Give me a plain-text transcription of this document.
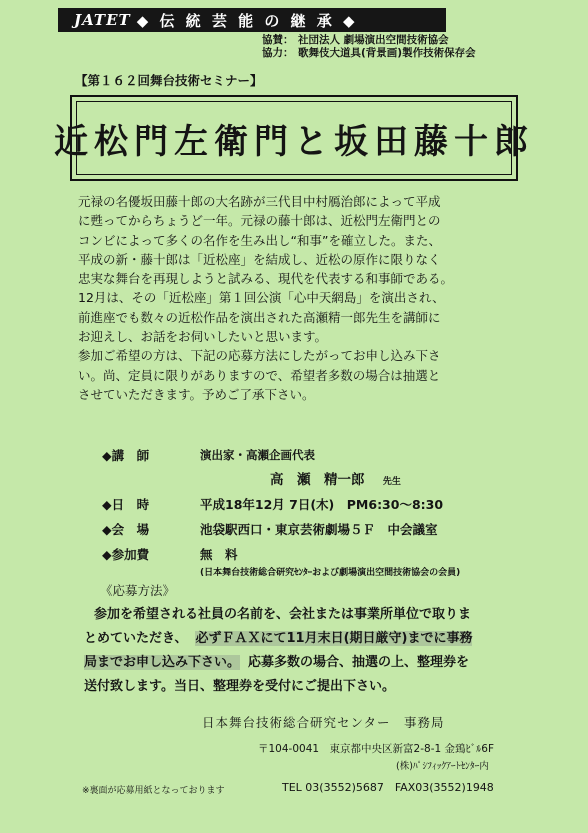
JATET ◆ 伝 統 芸 能 の 継 承 ◆
協賛： 社団法人 劇場演出空間技術協会
協力： 歌舞伎大道具(背景画)製作技術保存会
【第１６２回舞台技術セミナー】
近松門左衛門と坂田藤十郎
元禄の名優坂田藤十郎の大名跡が三代目中村鴈治郎によって平成
に甦ってからちょうど一年。元禄の藤十郎は、近松門左衛門との
コンビによって多くの名作を生み出し“和事”を確立した。また、
平成の新・藤十郎は「近松座」を結成し、近松の原作に限りなく
忠実な舞台を再現しようと試みる、現代を代表する和事師である。
12月は、その「近松座」第１回公演「心中天網島」を演出され、
前進座でも数々の近松作品を演出された高瀬精一郎先生を講師に
お迎えし、お話をお伺いしたいと思います。
参加ご希望の方は、下記の応募方法にしたがってお申し込み下さ
い。尚、定員に限りがありますので、希望者多数の場合は抽選と
させていただきます。予めご了承下さい。
◆講　師	演出家・高瀬企画代表
高　瀬　精一郎 先生
◆日　時	平成18年12月 7日(木)　PM6:30～8:30
◆会　場	池袋駅西口・東京芸術劇場５Ｆ　中会議室
◆参加費	無　料
(日本舞台技術総合研究ｾﾝﾀｰおよび劇場演出空間技術協会の会員)
《応募方法》
参加を希望される社員の名前を、会社または事業所単位で取りま
とめていただき、 必ずＦＡＸにて11月末日(期日厳守)までに事務
局までお申し込み下さい。 応募多数の場合、抽選の上、整理券を
送付致します。当日、整理券を受付にご提出下さい。
日本舞台技術総合研究センター　事務局
〒104-0041　東京都中央区新富2-8-1 金鵄ﾋﾞﾙ6F
(株)ﾊﾟｼﾌｨｯｸｱｰﾄｾﾝﾀｰ内
※裏面が応募用紙となっております	TEL 03(3552)5687　FAX03(3552)1948
